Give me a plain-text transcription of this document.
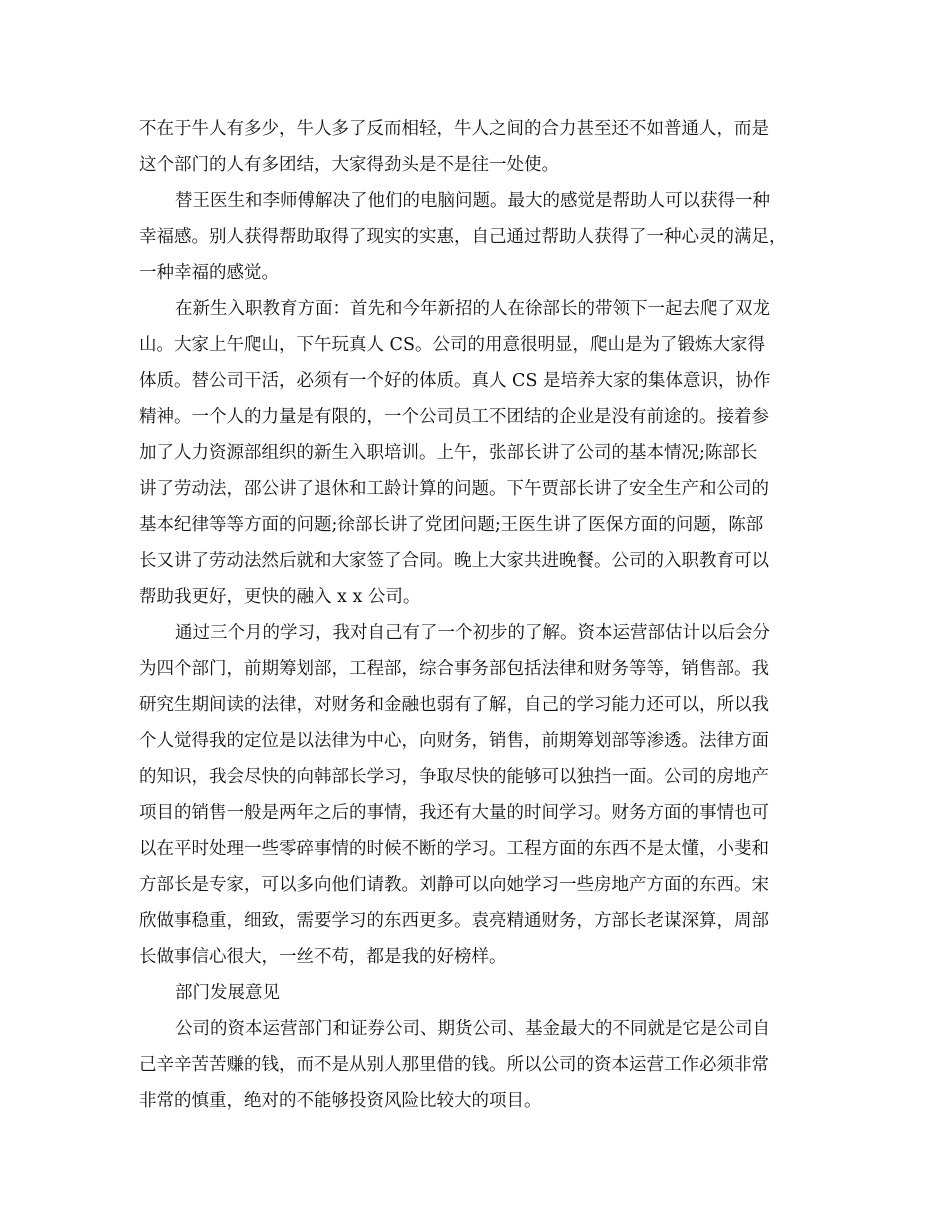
不在于牛人有多少，牛人多了反而相轻，牛人之间的合力甚至还不如普通人，而是

这个部门的人有多团结，大家得劲头是不是往一处使。

替王医生和李师傅解决了他们的电脑问题。最大的感觉是帮助人可以获得一种

幸福感。别人获得帮助取得了现实的实惠，自己通过帮助人获得了一种心灵的满足，

一种幸福的感觉。

在新生入职教育方面：首先和今年新招的人在徐部长的带领下一起去爬了双龙

山。大家上午爬山，下午玩真人 CS。公司的用意很明显，爬山是为了锻炼大家得

体质。替公司干活，必须有一个好的体质。真人 CS 是培养大家的集体意识，协作

精神。一个人的力量是有限的，一个公司员工不团结的企业是没有前途的。接着参

加了人力资源部组织的新生入职培训。上午，张部长讲了公司的基本情况;陈部长

讲了劳动法，邵公讲了退休和工龄计算的问题。下午贾部长讲了安全生产和公司的

基本纪律等等方面的问题;徐部长讲了党团问题;王医生讲了医保方面的问题，陈部

长又讲了劳动法然后就和大家签了合同。晚上大家共进晚餐。公司的入职教育可以

帮助我更好，更快的融入 x x 公司。

通过三个月的学习，我对自己有了一个初步的了解。资本运营部估计以后会分

为四个部门，前期筹划部，工程部，综合事务部包括法律和财务等等，销售部。我

研究生期间读的法律，对财务和金融也弱有了解，自己的学习能力还可以，所以我

个人觉得我的定位是以法律为中心，向财务，销售，前期筹划部等渗透。法律方面

的知识，我会尽快的向韩部长学习，争取尽快的能够可以独挡一面。公司的房地产

项目的销售一般是两年之后的事情，我还有大量的时间学习。财务方面的事情也可

以在平时处理一些零碎事情的时候不断的学习。工程方面的东西不是太懂，小斐和

方部长是专家，可以多向他们请教。刘静可以向她学习一些房地产方面的东西。宋

欣做事稳重，细致，需要学习的东西更多。袁亮精通财务，方部长老谋深算，周部

长做事信心很大，一丝不苟，都是我的好榜样。

部门发展意见

公司的资本运营部门和证券公司、期货公司、基金最大的不同就是它是公司自

己辛辛苦苦赚的钱，而不是从别人那里借的钱。所以公司的资本运营工作必须非常

非常的慎重，绝对的不能够投资风险比较大的项目。
